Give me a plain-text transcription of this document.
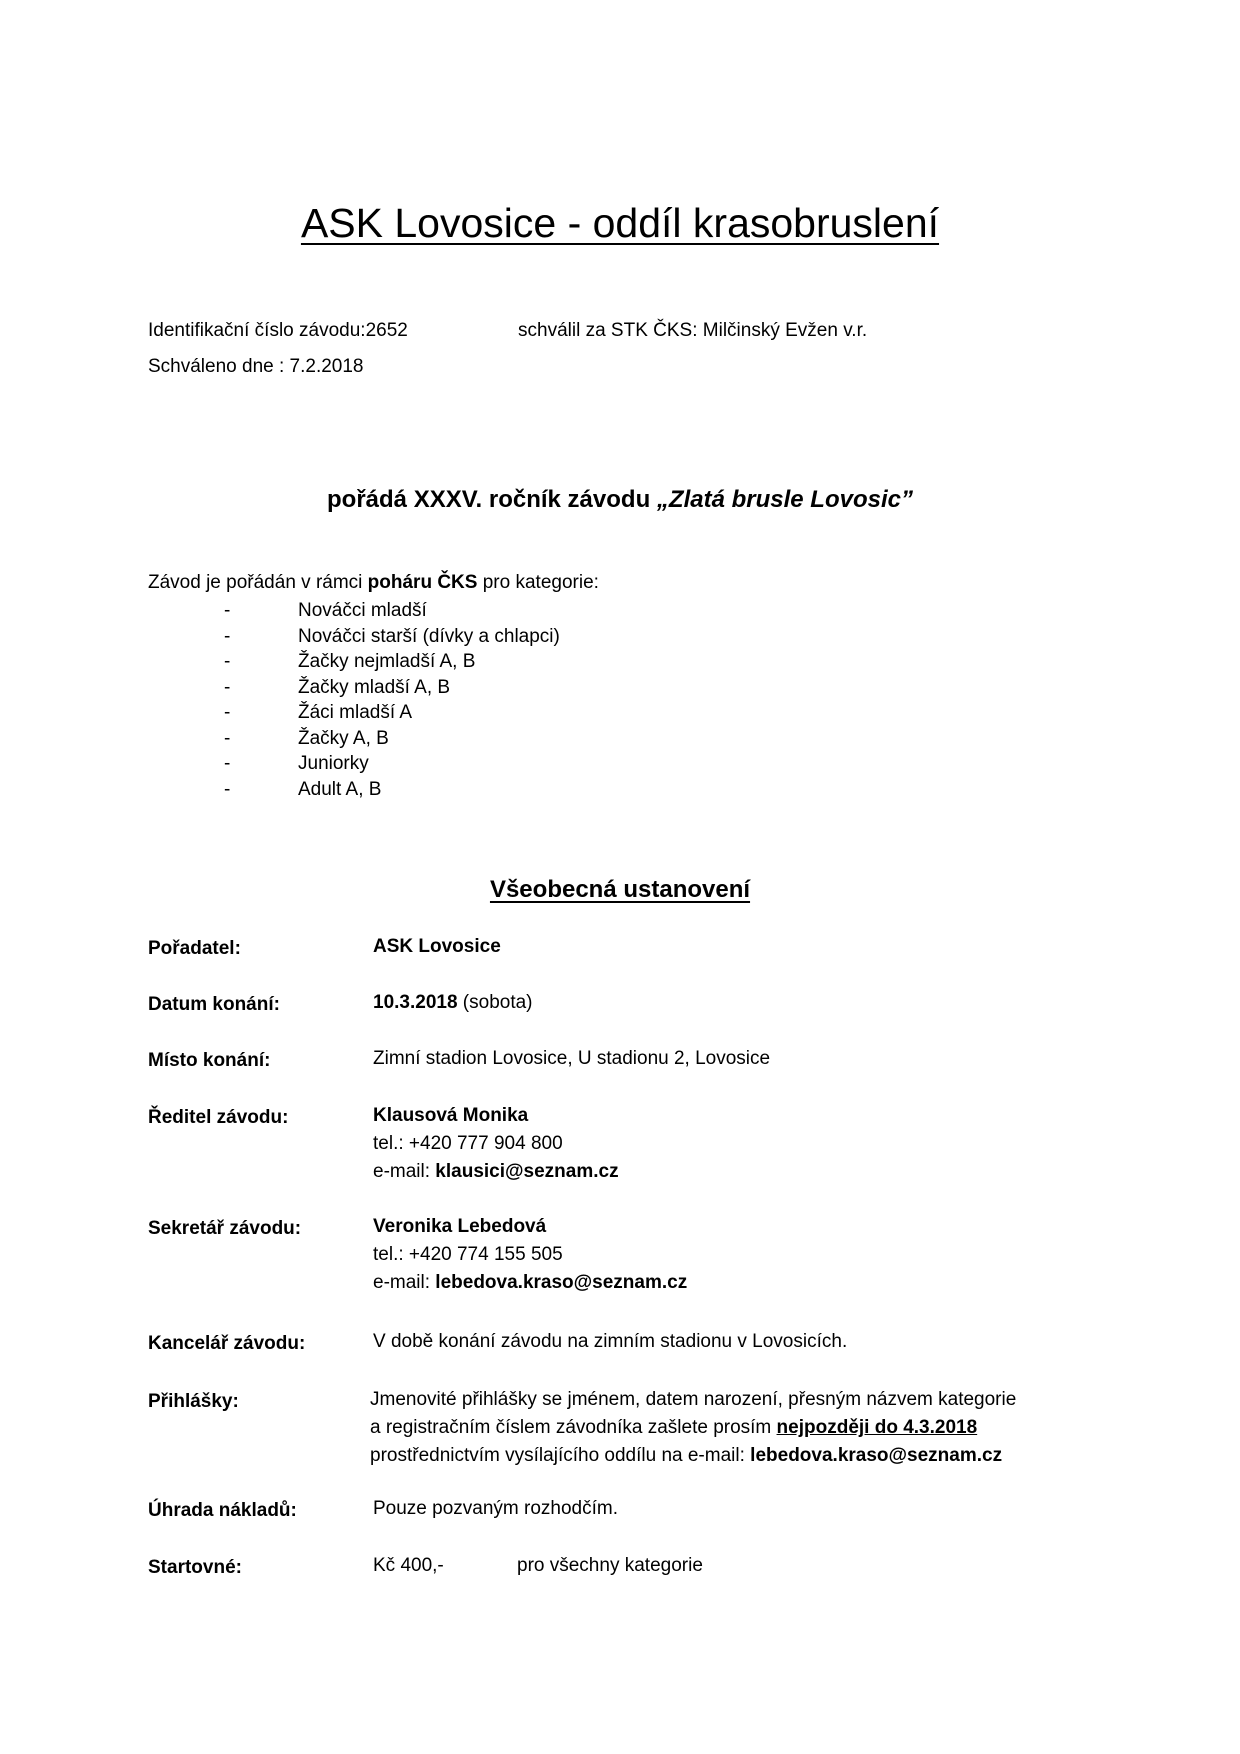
ASK Lovosice - oddíl krasobruslení
Identifikační číslo závodu:2652	schválil za STK ČKS: Milčinský Evžen v.r.
Schváleno dne : 7.2.2018
pořádá XXXV. ročník závodu „Zlatá brusle Lovosic”
Závod je pořádán v rámci poháru ČKS pro kategorie:
-	Nováčci mladší
-	Nováčci starší (dívky a chlapci)
-	Žačky nejmladší A, B
-	Žačky mladší A, B
-	Žáci mladší A
-	Žačky A, B
-	Juniorky
-	Adult A, B
Všeobecná ustanovení
Pořadatel:	ASK Lovosice
Datum konání:	10.3.2018 (sobota)
Místo konání:	Zimní stadion Lovosice, U stadionu 2, Lovosice
Ředitel závodu:	Klausová Monika
tel.: +420 777 904 800
e-mail: klausici@seznam.cz
Sekretář závodu:	Veronika Lebedová
tel.: +420 774 155 505
e-mail: lebedova.kraso@seznam.cz
Kancelář závodu:	V době konání závodu na zimním stadionu v Lovosicích.
Přihlášky:	Jmenovité přihlášky se jménem, datem narození, přesným názvem kategorie
a registračním číslem závodníka zašlete prosím nejpozději do 4.3.2018
prostřednictvím vysílajícího oddílu na e-mail: lebedova.kraso@seznam.cz
Úhrada nákladů:	Pouze pozvaným rozhodčím.
Startovné:	Kč 400,-	pro všechny kategorie
